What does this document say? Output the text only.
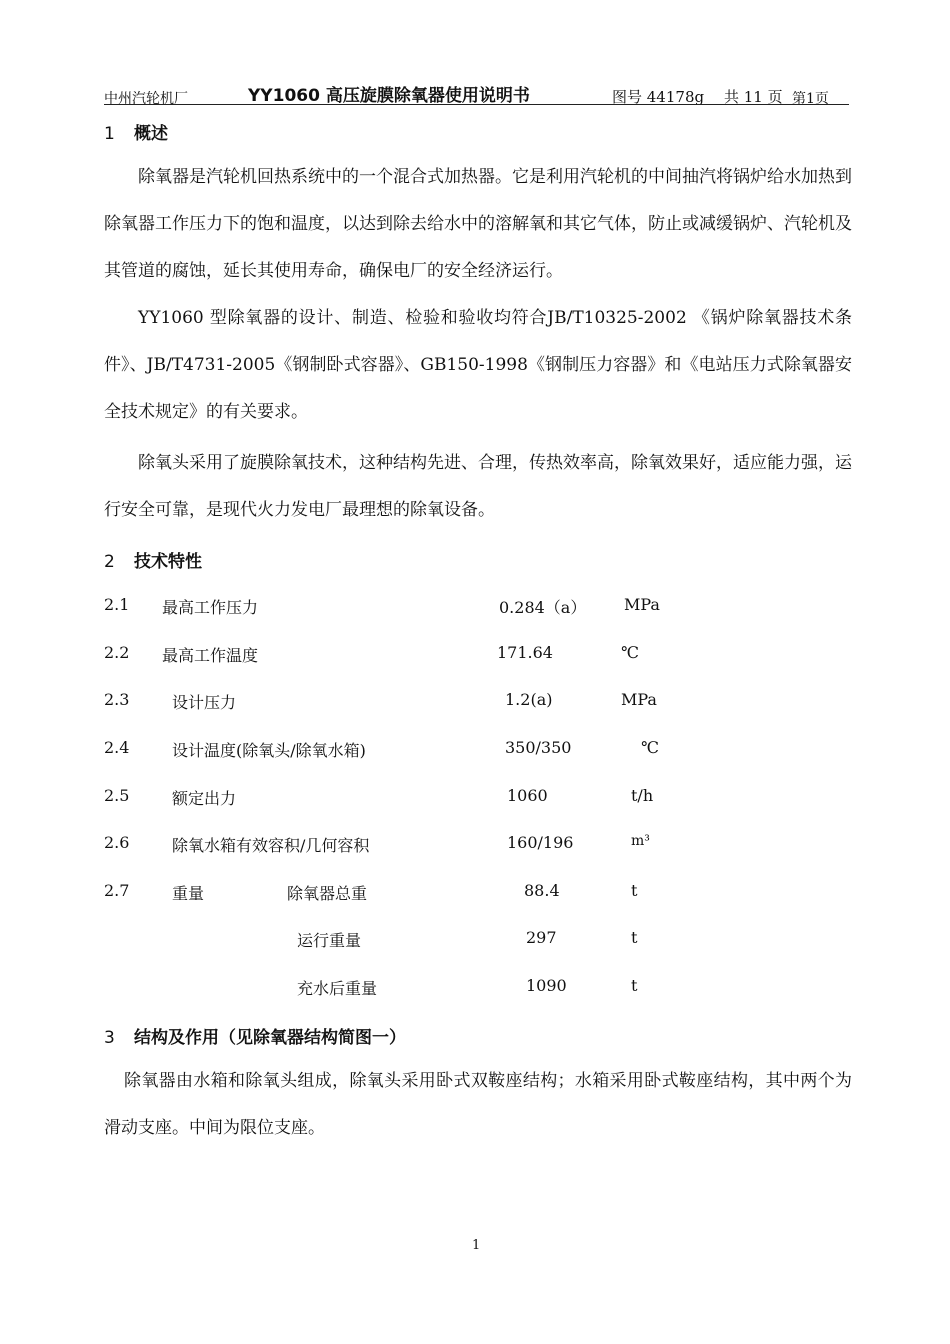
中州汽轮机厂	YY1060 高压旋膜除氧器使用说明书	图号 44178g 共 11 页 第1页
1 概述

除氧器是汽轮机回热系统中的一个混合式加热器。它是利用汽轮机的中间抽汽将锅炉给水加热到除氧器工作压力下的饱和温度，以达到除去给水中的溶解氧和其它气体，防止或减缓锅炉、汽轮机及其管道的腐蚀，延长其使用寿命，确保电厂的安全经济运行。

YY1060 型除氧器的设计、制造、检验和验收均符合JB/T10325-2002 《锅炉除氧器技术条件》、JB/T4731-2005《钢制卧式容器》、GB150-1998《钢制压力容器》和《电站压力式除氧器安全技术规定》的有关要求。

除氧头采用了旋膜除氧技术，这种结构先进、合理，传热效率高，除氧效果好，适应能力强，运行安全可靠，是现代火力发电厂最理想的除氧设备。

2 技术特性
2.1 最高工作压力	0.284（a） MPa
2.2 最高工作温度	171.64	℃
2.3	设计压力	1.2(a)	MPa
2.4	设计温度(除氧头/除氧水箱)	350/350	℃
2.5	额定出力	1060	t/h
2.6	除氧水箱有效容积/几何容积	160/196	m³
2.7	重量	除氧器总重	88.4	t
运行重量	297	t
充水后重量	1090	t
3 结构及作用（见除氧器结构简图一）

除氧器由水箱和除氧头组成，除氧头采用卧式双鞍座结构；水箱采用卧式鞍座结构，其中两个为滑动支座。中间为限位支座。

1
